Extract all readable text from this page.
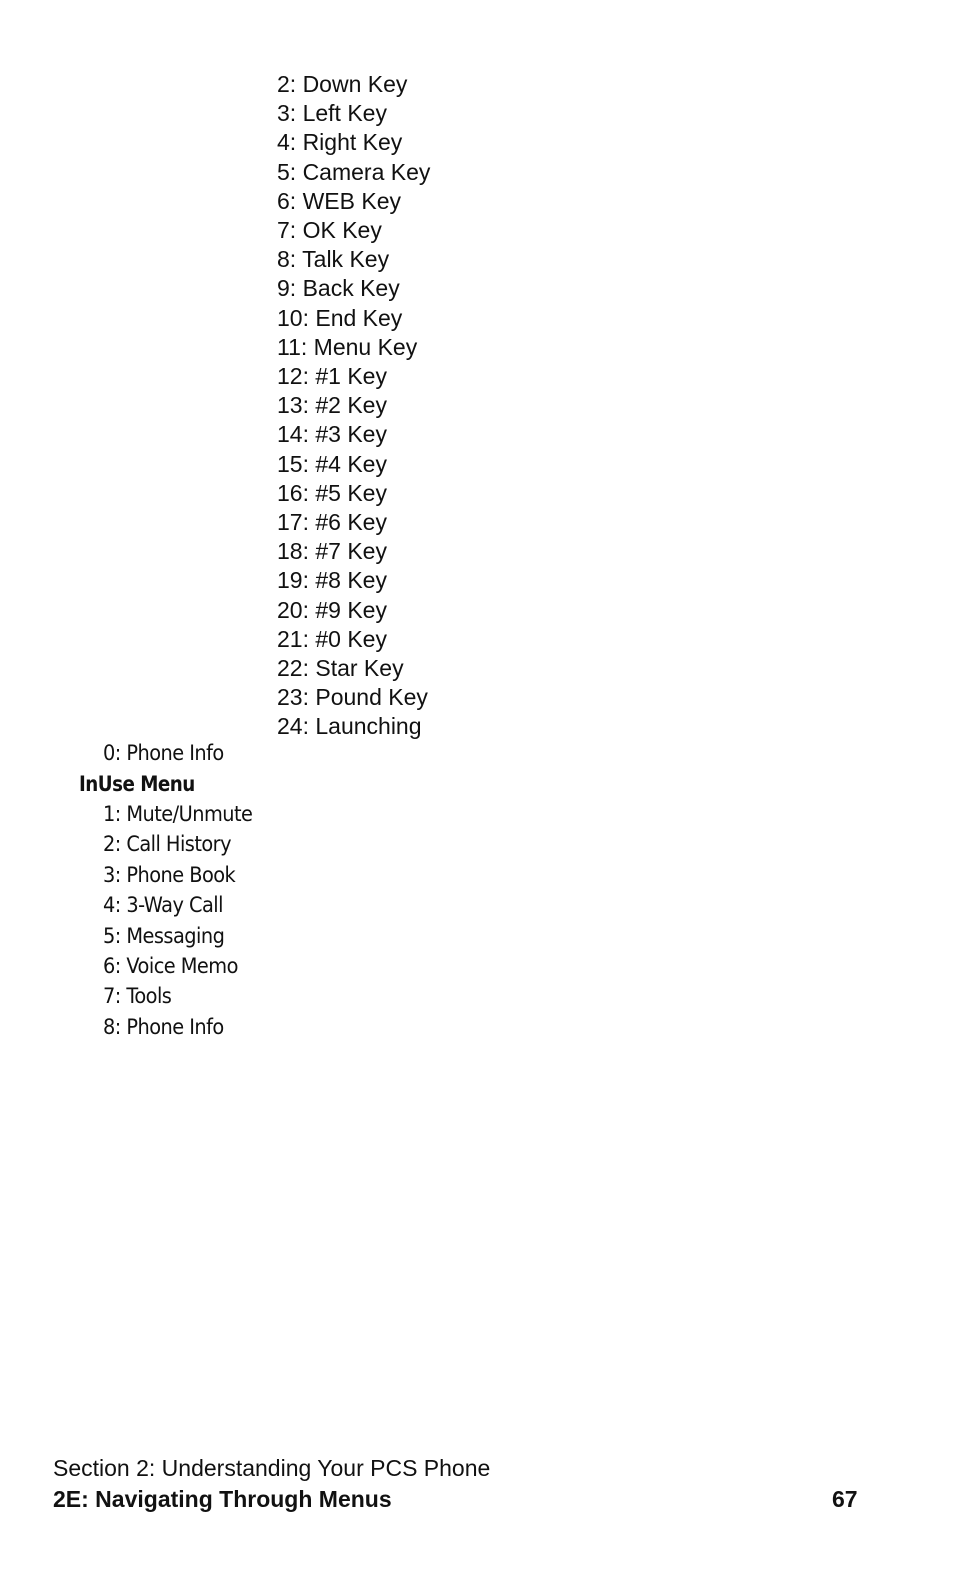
2: Down Key
3: Left Key
4: Right Key
5: Camera Key
6: WEB Key
7: OK Key
8: Talk Key
9: Back Key
10: End Key
11: Menu Key
12: #1 Key
13: #2 Key
14: #3 Key
15: #4 Key
16: #5 Key
17: #6 Key
18: #7 Key
19: #8 Key
20: #9 Key
21: #0 Key
22: Star Key
23: Pound Key
24: Launching
0: Phone Info
InUse Menu
1: Mute/Unmute
2: Call History
3: Phone Book
4: 3-Way Call
5: Messaging
6: Voice Memo
7: Tools
8: Phone Info
Section 2: Understanding Your PCS Phone
2E: Navigating Through Menus	67
